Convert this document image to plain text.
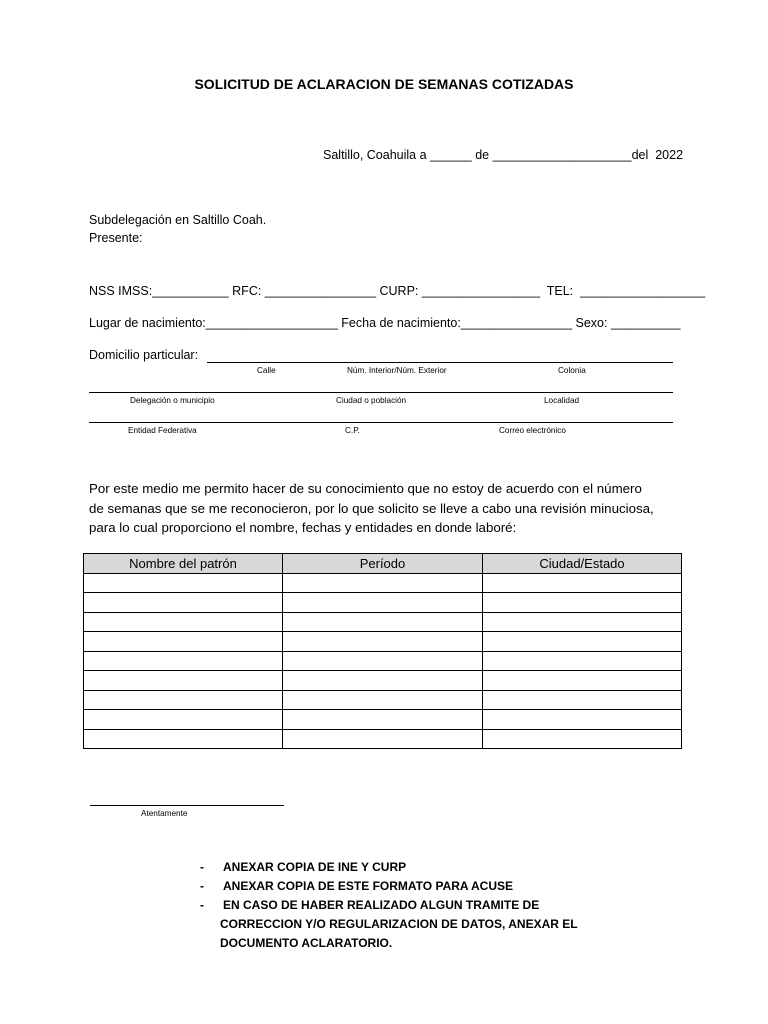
SOLICITUD DE ACLARACION DE SEMANAS COTIZADAS
Saltillo, Coahuila a ______ de ____________________del  2022
Subdelegación en Saltillo Coah.
Presente:
NSS IMSS:___________ RFC: ________________ CURP: _________________  TEL:  __________________
Lugar de nacimiento:___________________ Fecha de nacimiento:________________ Sexo: __________
Domicilio particular:
Calle	Núm. Interior/Núm. Exterior	Colonia
Delegación o municipio	Ciudad o población	Localidad
Entidad Federativa	C.P.	Correo electrónico
Por este medio me permito hacer de su conocimiento que no estoy de acuerdo con el número
de semanas que se me reconocieron, por lo que solicito se lleve a cabo una revisión minuciosa,
para lo cual proporciono el nombre, fechas y entidades en donde laboré:
Nombre del patrón	Período	Ciudad/Estado

Atentamente
- ANEXAR COPIA DE INE Y CURP
- ANEXAR COPIA DE ESTE FORMATO PARA ACUSE
- EN CASO DE HABER REALIZADO ALGUN TRAMITE DE
CORRECCION Y/O REGULARIZACION DE DATOS, ANEXAR EL
DOCUMENTO ACLARATORIO.
